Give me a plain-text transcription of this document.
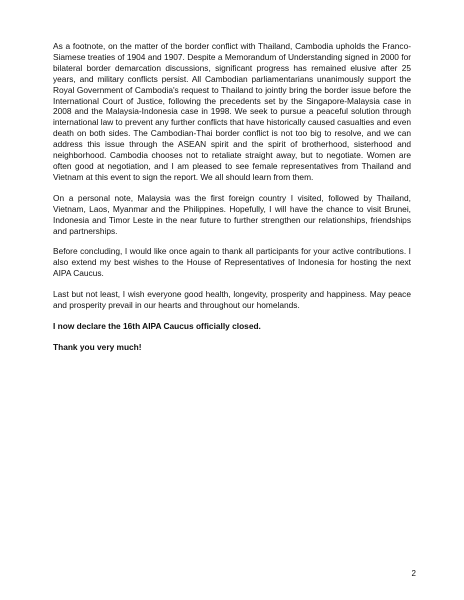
As a footnote, on the matter of the border conflict with Thailand, Cambodia upholds the Franco-Siamese treaties of 1904 and 1907. Despite a Memorandum of Understanding signed in 2000 for bilateral border demarcation discussions, significant progress has remained elusive after 25 years, and military conflicts persist. All Cambodian parliamentarians unanimously support the Royal Government of Cambodia's request to Thailand to jointly bring the border issue before the International Court of Justice, following the precedents set by the Singapore-Malaysia case in 2008 and the Malaysia-Indonesia case in 1998. We seek to pursue a peaceful solution through international law to prevent any further conflicts that have historically caused casualties and even death on both sides. The Cambodian-Thai border conflict is not too big to resolve, and we can address this issue through the ASEAN spirit and the spirit of brotherhood, sisterhood and neighborhood. Cambodia chooses not to retaliate straight away, but to negotiate. Women are often good at negotiation, and I am pleased to see female representatives from Thailand and Vietnam at this event to sign the report. We all should learn from them.

On a personal note, Malaysia was the first foreign country I visited, followed by Thailand, Vietnam, Laos, Myanmar and the Philippines. Hopefully, I will have the chance to visit Brunei, Indonesia and Timor Leste in the near future to further strengthen our relationships, friendships and partnerships.

Before concluding, I would like once again to thank all participants for your active contributions. I also extend my best wishes to the House of Representatives of Indonesia for hosting the next AIPA Caucus.

Last but not least, I wish everyone good health, longevity, prosperity and happiness. May peace and prosperity prevail in our hearts and throughout our homelands.

I now declare the 16th AIPA Caucus officially closed.

Thank you very much!

2
